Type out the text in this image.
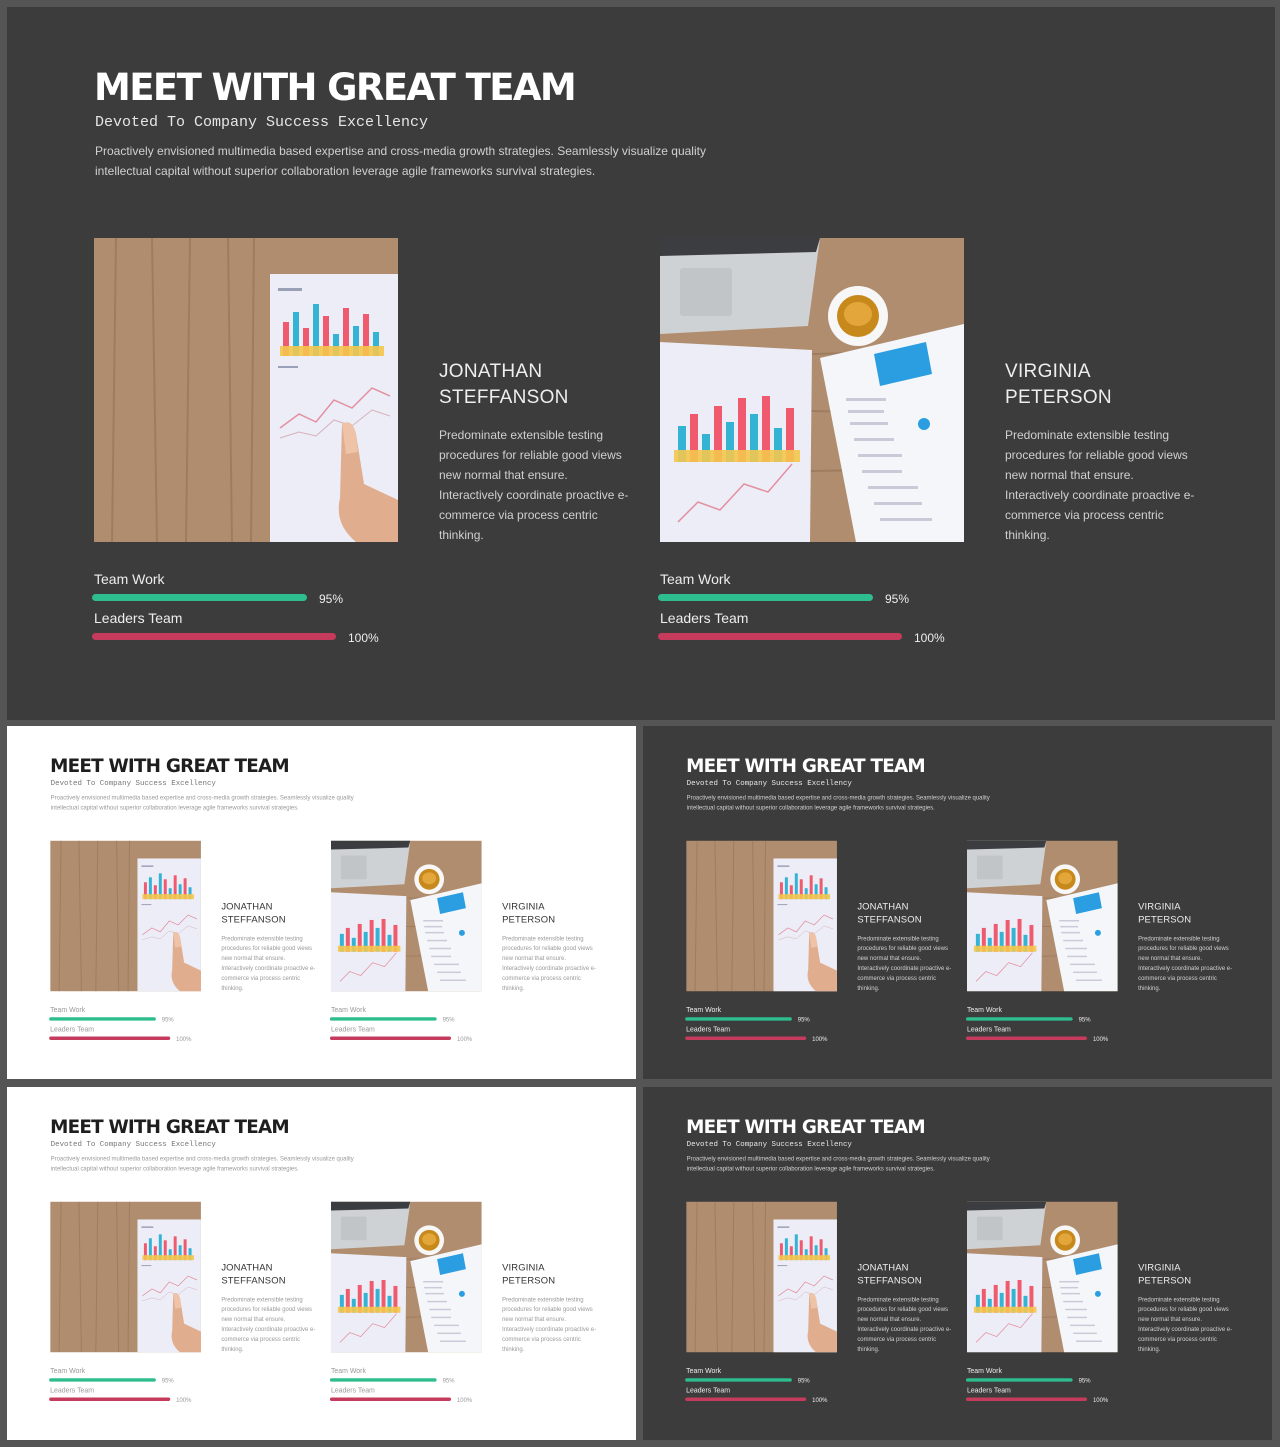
MEET WITH GREAT TEAM
Devoted To Company Success Excellency
Proactively envisioned multimedia based expertise and cross-media growth strategies. Seamlessly visualize quality intellectual capital without superior collaboration leverage agile frameworks survival strategies.
JONATHAN
STEFFANSON
Predominate extensible testing procedures for reliable good views new normal that ensure. Interactively coordinate proactive e-commerce via process centric thinking.
Team Work
95%
Leaders Team
100%
VIRGINIA
PETERSON
Predominate extensible testing procedures for reliable good views new normal that ensure. Interactively coordinate proactive e-commerce via process centric thinking.
Team Work
95%
Leaders Team
100%
MEET WITH GREAT TEAM
Devoted To Company Success Excellency
Proactively envisioned multimedia based expertise and cross-media growth strategies. Seamlessly visualize quality intellectual capital without superior collaboration leverage agile frameworks survival strategies.
JONATHAN
STEFFANSON
Predominate extensible testing procedures for reliable good views new normal that ensure. Interactively coordinate proactive e-commerce via process centric thinking.
Team Work
95%
Leaders Team
100%
VIRGINIA
PETERSON
Predominate extensible testing procedures for reliable good views new normal that ensure. Interactively coordinate proactive e-commerce via process centric thinking.
Team Work
95%
Leaders Team
100%
MEET WITH GREAT TEAM
Devoted To Company Success Excellency
Proactively envisioned multimedia based expertise and cross-media growth strategies. Seamlessly visualize quality intellectual capital without superior collaboration leverage agile frameworks survival strategies.
JONATHAN
STEFFANSON
Predominate extensible testing procedures for reliable good views new normal that ensure. Interactively coordinate proactive e-commerce via process centric thinking.
Team Work
95%
Leaders Team
100%
VIRGINIA
PETERSON
Predominate extensible testing procedures for reliable good views new normal that ensure. Interactively coordinate proactive e-commerce via process centric thinking.
Team Work
95%
Leaders Team
100%
MEET WITH GREAT TEAM
Devoted To Company Success Excellency
Proactively envisioned multimedia based expertise and cross-media growth strategies. Seamlessly visualize quality intellectual capital without superior collaboration leverage agile frameworks survival strategies.
JONATHAN
STEFFANSON
Predominate extensible testing procedures for reliable good views new normal that ensure. Interactively coordinate proactive e-commerce via process centric thinking.
Team Work
95%
Leaders Team
100%
VIRGINIA
PETERSON
Predominate extensible testing procedures for reliable good views new normal that ensure. Interactively coordinate proactive e-commerce via process centric thinking.
Team Work
95%
Leaders Team
100%
MEET WITH GREAT TEAM
Devoted To Company Success Excellency
Proactively envisioned multimedia based expertise and cross-media growth strategies. Seamlessly visualize quality intellectual capital without superior collaboration leverage agile frameworks survival strategies.
JONATHAN
STEFFANSON
Predominate extensible testing procedures for reliable good views new normal that ensure. Interactively coordinate proactive e-commerce via process centric thinking.
Team Work
95%
Leaders Team
100%
VIRGINIA
PETERSON
Predominate extensible testing procedures for reliable good views new normal that ensure. Interactively coordinate proactive e-commerce via process centric thinking.
Team Work
95%
Leaders Team
100%
